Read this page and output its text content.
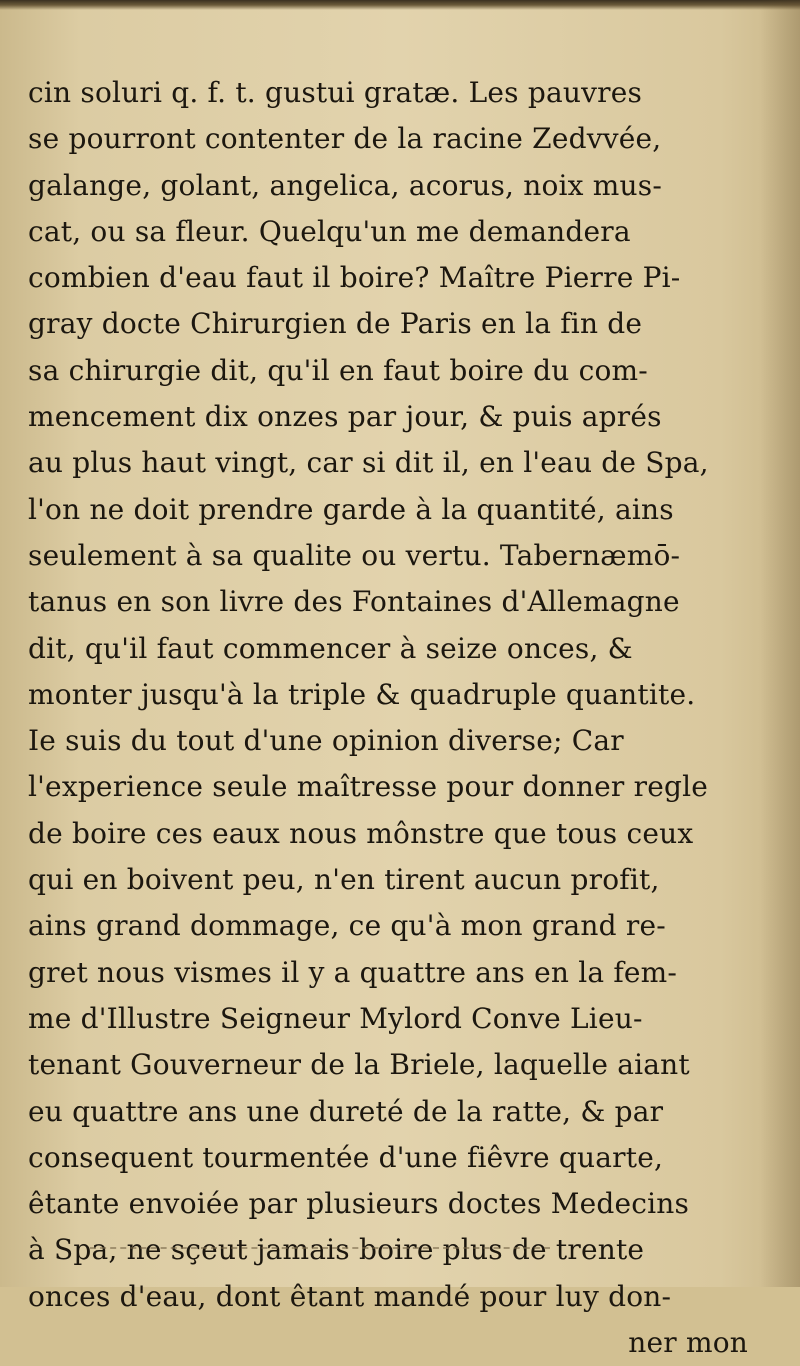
cin soluri q. f. t. gustui gratæ. Les pauvres
se pourront contenter de la racine Zedvvée,
galange, golant, angelica, acorus, noix mus-
cat, ou sa fleur. Quelqu'un me demandera
combien d'eau faut il boire? Maître Pierre Pi-
gray docte Chirurgien de Paris en la fin de
sa chirurgie dit, qu'il en faut boire du com-
mencement dix onzes par jour, & puis aprés
au plus haut vingt, car si dit il, en l'eau de Spa,
l'on ne doit prendre garde à la quantité, ains
seulement à sa qualite ou vertu. Tabernæmō-
tanus en son livre des Fontaines d'Allemagne
dit, qu'il faut commencer à seize onces, &
monter jusqu'à la triple & quadruple quantite.
Ie suis du tout d'une opinion diverse; Car
l'experience seule maîtresse pour donner regle
de boire ces eaux nous mônstre que tous ceux
qui en boivent peu, n'en tirent aucun profit,
ains grand dommage, ce qu'à mon grand re-
gret nous vismes il y a quattre ans en la fem-
me d'Illustre Seigneur Mylord Conve Lieu-
tenant Gouverneur de la Briele, laquelle aiant
eu quattre ans une dureté de la ratte, & par
consequent tourmentée d'une fiêvre quarte,
êtante envoiée par plusieurs doctes Medecins
à Spa, ne sçeut jamais boire plus de trente
onces d'eau, dont êtant mandé pour luy don-
ner mon
